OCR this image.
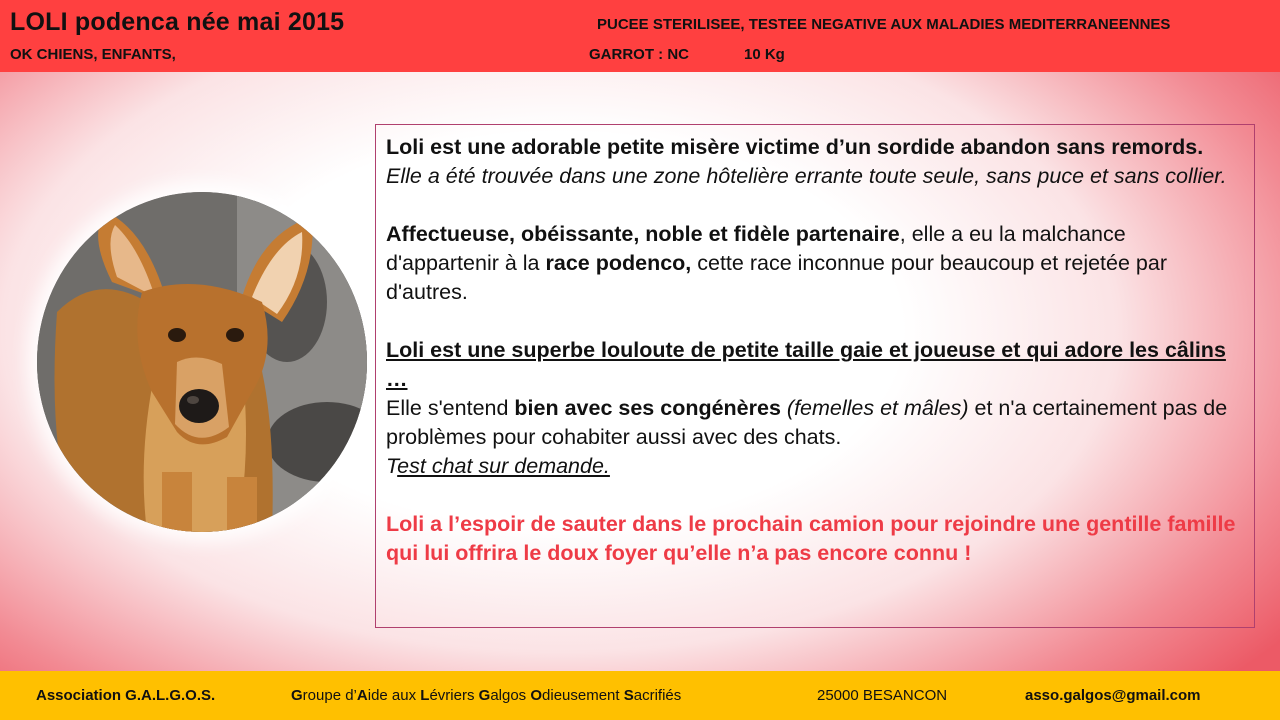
LOLI podenca née mai 2015
OK CHIENS, ENFANTS,
PUCEE STERILISEE, TESTEE NEGATIVE AUX MALADIES MEDITERRANEENNES
GARROT : NC	10 Kg

Loli est une adorable petite misère victime d’un sordide abandon sans remords. Elle a été trouvée dans une zone hôtelière errante toute seule, sans puce et sans collier.

Affectueuse, obéissante, noble et fidèle partenaire, elle a eu la malchance d'appartenir à la race podenco, cette race inconnue pour beaucoup et rejetée par d'autres.

Loli est une superbe louloute de petite taille gaie et joueuse et qui adore les câlins …
Elle s'entend bien avec ses congénères (femelles et mâles) et n'a certainement pas de problèmes pour cohabiter aussi avec des chats.
Test chat sur demande.

Loli a l’espoir de sauter dans le prochain camion pour rejoindre une gentille famille qui lui offrira le doux foyer qu’elle n’a pas encore connu !

Association G.A.L.G.O.S.	Groupe d’Aide aux Lévriers Galgos Odieusement Sacrifiés	25000 BESANCON	asso.galgos@gmail.com
